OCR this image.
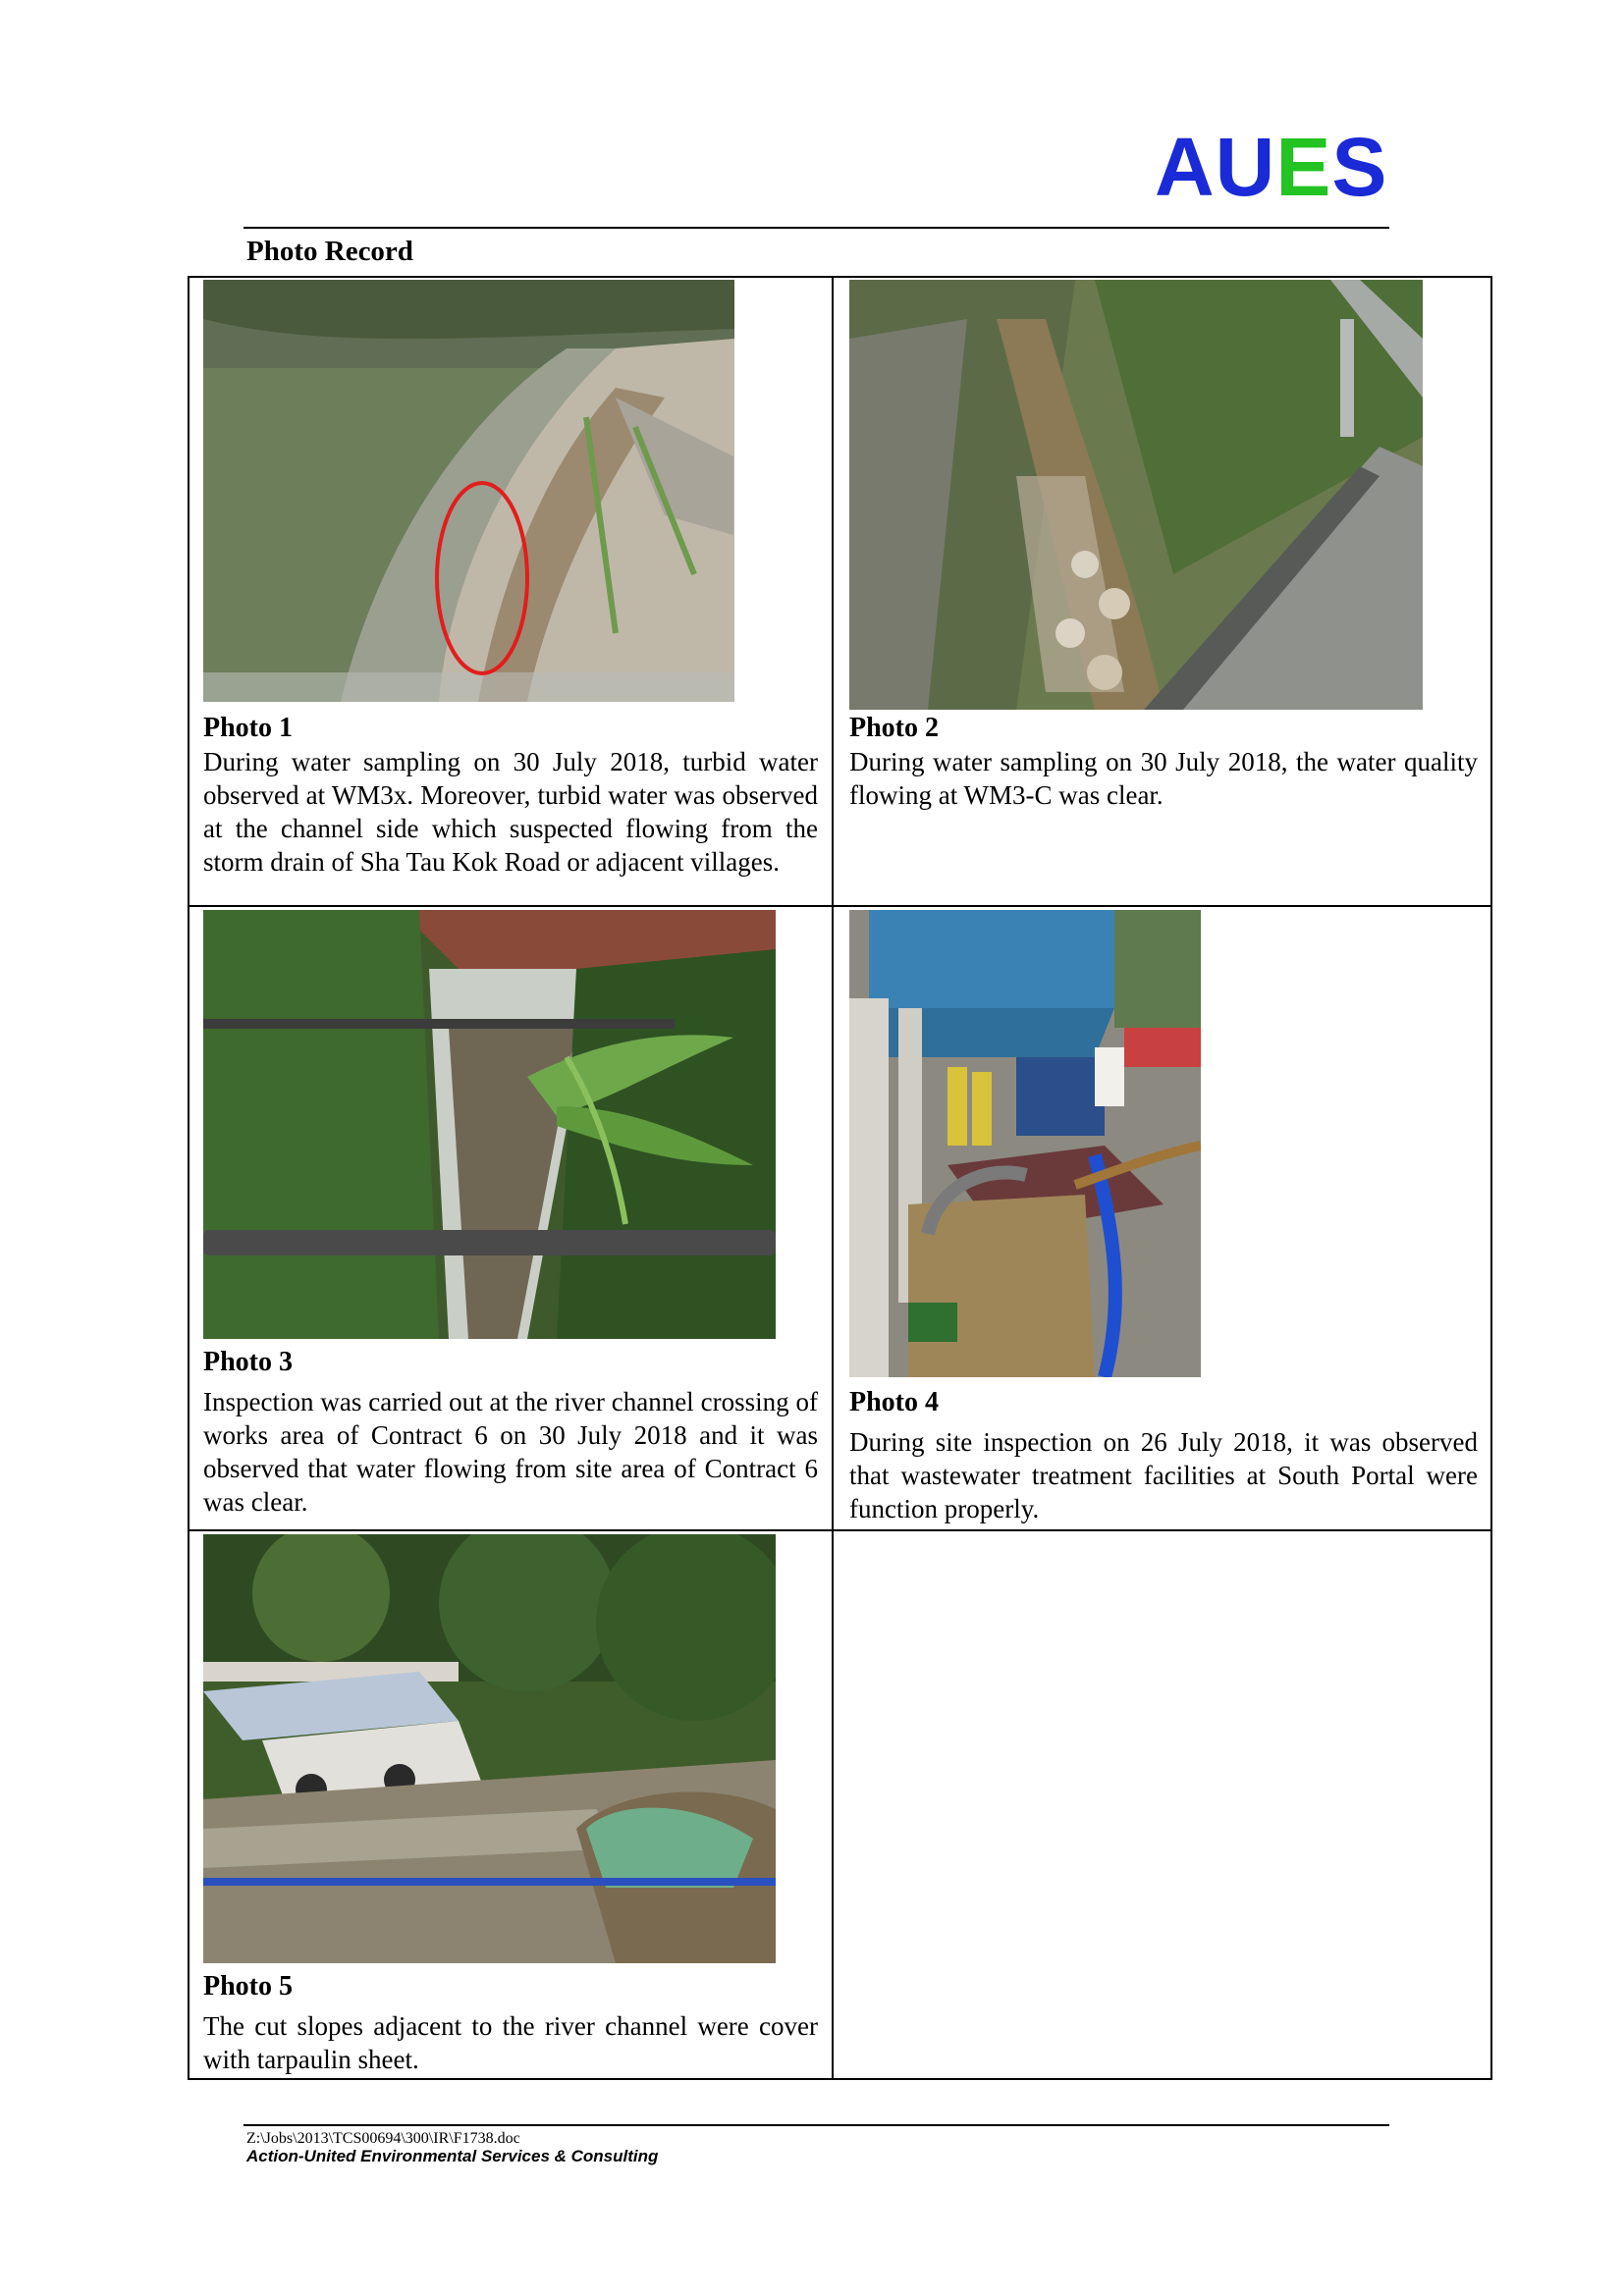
AUES
Photo Record
Photo 1
During water sampling on 30 July 2018, turbid water observed at WM3x. Moreover, turbid water was observed at the channel side which suspected flowing from the storm drain of Sha Tau Kok Road or adjacent villages.
Photo 2
During water sampling on 30 July 2018, the water quality flowing at WM3-C was clear.
Photo 3
Inspection was carried out at the river channel crossing of works area of Contract 6 on 30 July 2018 and it was observed that water flowing from site area of Contract 6 was clear.
Photo 4
During site inspection on 26 July 2018, it was observed that wastewater treatment facilities at South Portal were function properly.
Photo 5
The cut slopes adjacent to the river channel were cover with tarpaulin sheet.
Z:\Jobs\2013\TCS00694\300\IR\F1738.doc
Action-United Environmental Services & Consulting
